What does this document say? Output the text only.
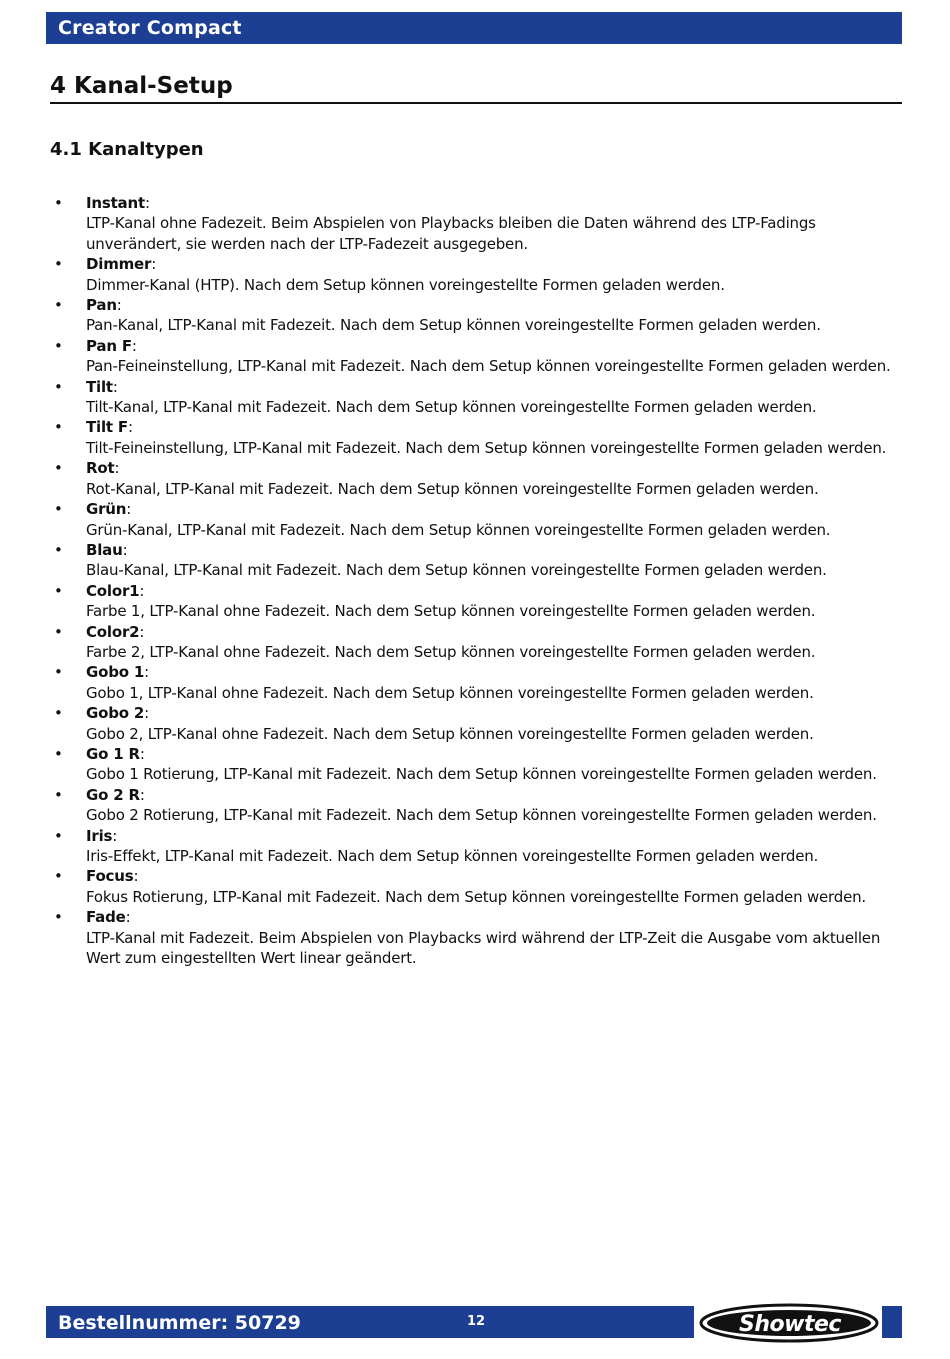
Creator Compact
4 Kanal-Setup
4.1 Kanaltypen
• Instant:
LTP-Kanal ohne Fadezeit. Beim Abspielen von Playbacks bleiben die Daten während des LTP-Fadings unverändert, sie werden nach der LTP-Fadezeit ausgegeben.
• Dimmer:
Dimmer-Kanal (HTP). Nach dem Setup können voreingestellte Formen geladen werden.
• Pan:
Pan-Kanal, LTP-Kanal mit Fadezeit. Nach dem Setup können voreingestellte Formen geladen werden.
• Pan F:
Pan-Feineinstellung, LTP-Kanal mit Fadezeit. Nach dem Setup können voreingestellte Formen geladen werden.
• Tilt:
Tilt-Kanal, LTP-Kanal mit Fadezeit. Nach dem Setup können voreingestellte Formen geladen werden.
• Tilt F:
Tilt-Feineinstellung, LTP-Kanal mit Fadezeit. Nach dem Setup können voreingestellte Formen geladen werden.
• Rot:
Rot-Kanal, LTP-Kanal mit Fadezeit. Nach dem Setup können voreingestellte Formen geladen werden.
• Grün:
Grün-Kanal, LTP-Kanal mit Fadezeit. Nach dem Setup können voreingestellte Formen geladen werden.
• Blau:
Blau-Kanal, LTP-Kanal mit Fadezeit. Nach dem Setup können voreingestellte Formen geladen werden.
• Color1:
Farbe 1, LTP-Kanal ohne Fadezeit. Nach dem Setup können voreingestellte Formen geladen werden.
• Color2:
Farbe 2, LTP-Kanal ohne Fadezeit. Nach dem Setup können voreingestellte Formen geladen werden.
• Gobo 1:
Gobo 1, LTP-Kanal ohne Fadezeit. Nach dem Setup können voreingestellte Formen geladen werden.
• Gobo 2:
Gobo 2, LTP-Kanal ohne Fadezeit. Nach dem Setup können voreingestellte Formen geladen werden.
• Go 1 R:
Gobo 1 Rotierung, LTP-Kanal mit Fadezeit. Nach dem Setup können voreingestellte Formen geladen werden.
• Go 2 R:
Gobo 2 Rotierung, LTP-Kanal mit Fadezeit. Nach dem Setup können voreingestellte Formen geladen werden.
• Iris:
Iris-Effekt, LTP-Kanal mit Fadezeit. Nach dem Setup können voreingestellte Formen geladen werden.
• Focus:
Fokus Rotierung, LTP-Kanal mit Fadezeit. Nach dem Setup können voreingestellte Formen geladen werden.
• Fade:
LTP-Kanal mit Fadezeit. Beim Abspielen von Playbacks wird während der LTP-Zeit die Ausgabe vom aktuellen Wert zum eingestellten Wert linear geändert.
Bestellnummer: 50729	12	Showtec
